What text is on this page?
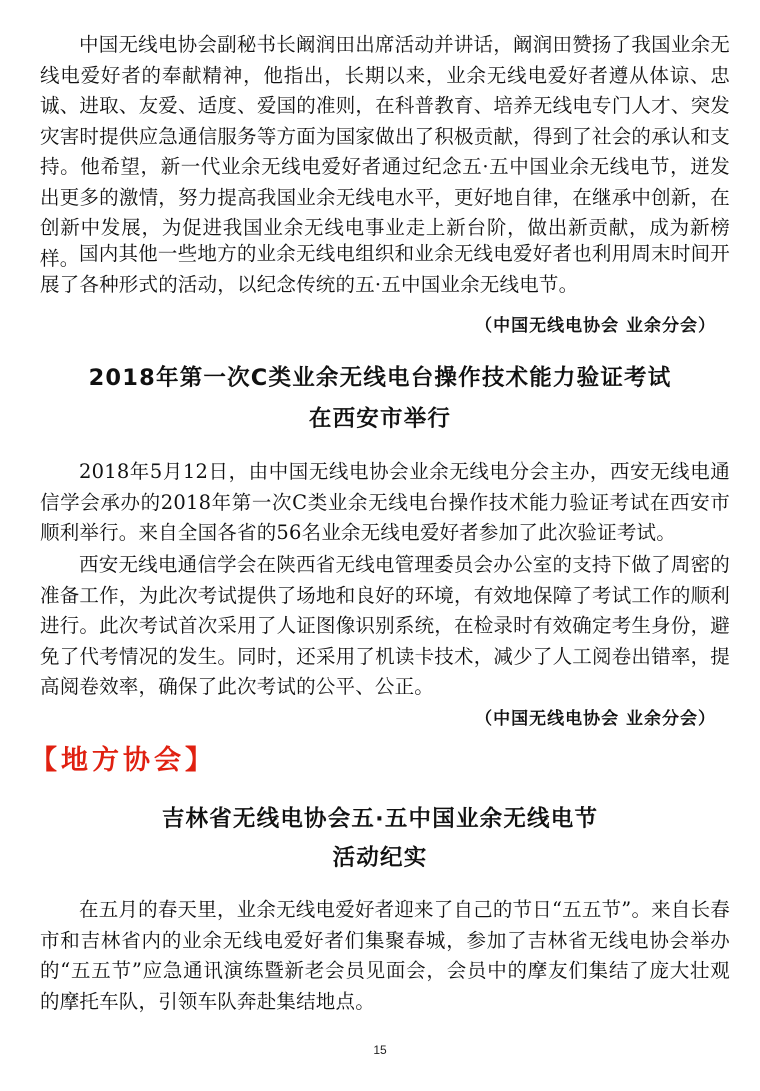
中国无线电协会副秘书长阚润田出席活动并讲话，阚润田赞扬了我国业余无线电爱好者的奉献精神，他指出，长期以来，业余无线电爱好者遵从体谅、忠诚、进取、友爱、适度、爱国的准则，在科普教育、培养无线电专门人才、突发灾害时提供应急通信服务等方面为国家做出了积极贡献，得到了社会的承认和支持。他希望，新一代业余无线电爱好者通过纪念五·五中国业余无线电节，迸发出更多的激情，努力提高我国业余无线电水平，更好地自律，在继承中创新，在创新中发展，为促进我国业余无线电事业走上新台阶，做出新贡献，成为新榜样。 国内其他一些地方的业余无线电组织和业余无线电爱好者也利用周末时间开展了各种形式的活动，以纪念传统的五·五中国业余无线电节。

（中国无线电协会 业余分会）

2018年第一次C类业余无线电台操作技术能力验证考试
在西安市举行

2018年5月12日，由中国无线电协会业余无线电分会主办，西安无线电通信学会承办的2018年第一次C类业余无线电台操作技术能力验证考试在西安市顺利举行。来自全国各省的56名业余无线电爱好者参加了此次验证考试。

西安无线电通信学会在陕西省无线电管理委员会办公室的支持下做了周密的准备工作，为此次考试提供了场地和良好的环境，有效地保障了考试工作的顺利进行。此次考试首次采用了人证图像识别系统，在检录时有效确定考生身份，避免了代考情况的发生。同时，还采用了机读卡技术，减少了人工阅卷出错率，提高阅卷效率，确保了此次考试的公平、公正。

（中国无线电协会 业余分会）

【地方协会】
吉林省无线电协会五·五中国业余无线电节
活动纪实

在五月的春天里，业余无线电爱好者迎来了自己的节日“五五节”。来自长春市和吉林省内的业余无线电爱好者们集聚春城，参加了吉林省无线电协会举办的“五五节”应急通讯演练暨新老会员见面会，会员中的摩友们集结了庞大壮观的摩托车队，引领车队奔赴集结地点。

15
